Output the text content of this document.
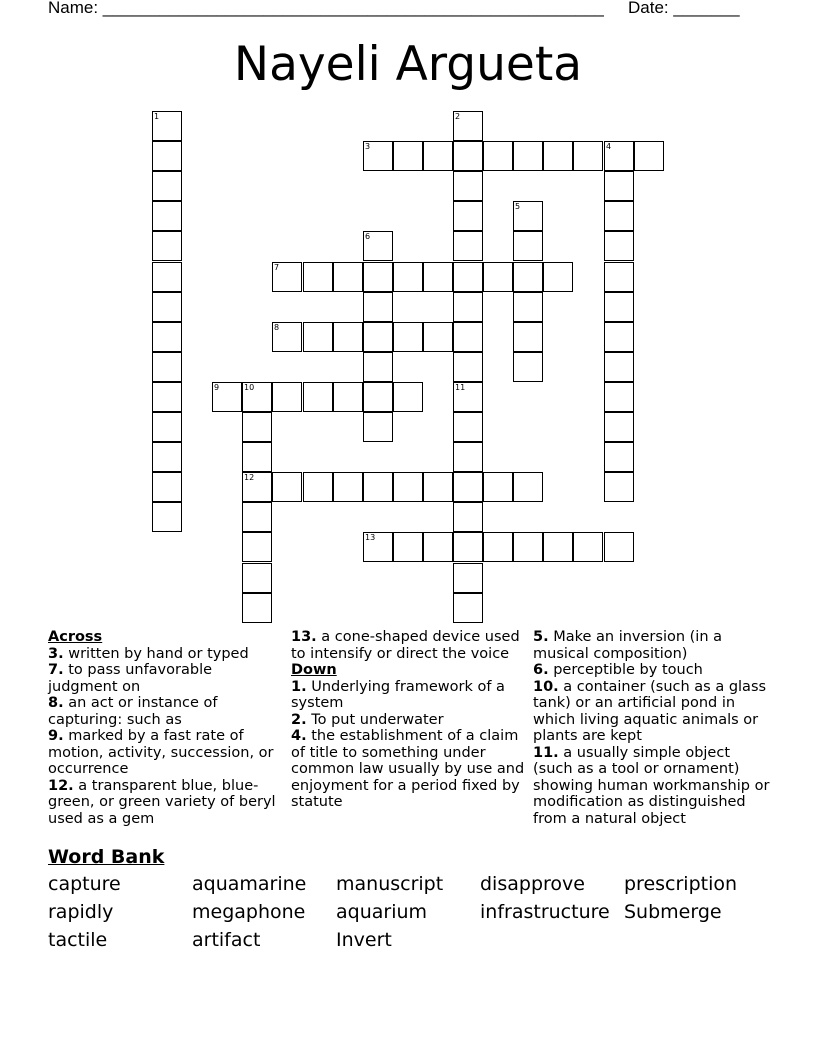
Name: _____________________________________________________ Date: _______
Nayeli Argueta
1	2
11
3	4
5
6
7
8
9	10
12
13
Across
3. written by hand or typed
7. to pass unfavorable judgment on
8. an act or instance of capturing: such as
9. marked by a fast rate of motion, activity, succession, or occurrence
12. a transparent blue, blue-green, or green variety of beryl used as a gem
13. a cone-shaped device used to intensify or direct the voice
Down
1. Underlying framework of a system
2. To put underwater
4. the establishment of a claim of title to something under common law usually by use and enjoyment for a period fixed by statute
5. Make an inversion (in a musical composition)
6. perceptible by touch
10. a container (such as a glass tank) or an artificial pond in which living aquatic animals or plants are kept
11. a usually simple object (such as a tool or ornament) showing human workmanship or modification as distinguished from a natural object
Word Bank
capture	aquamarine	manuscript	disapprove	prescription
rapidly	megaphone	aquarium	infrastructure Submerge
tactile	artifact	Invert
